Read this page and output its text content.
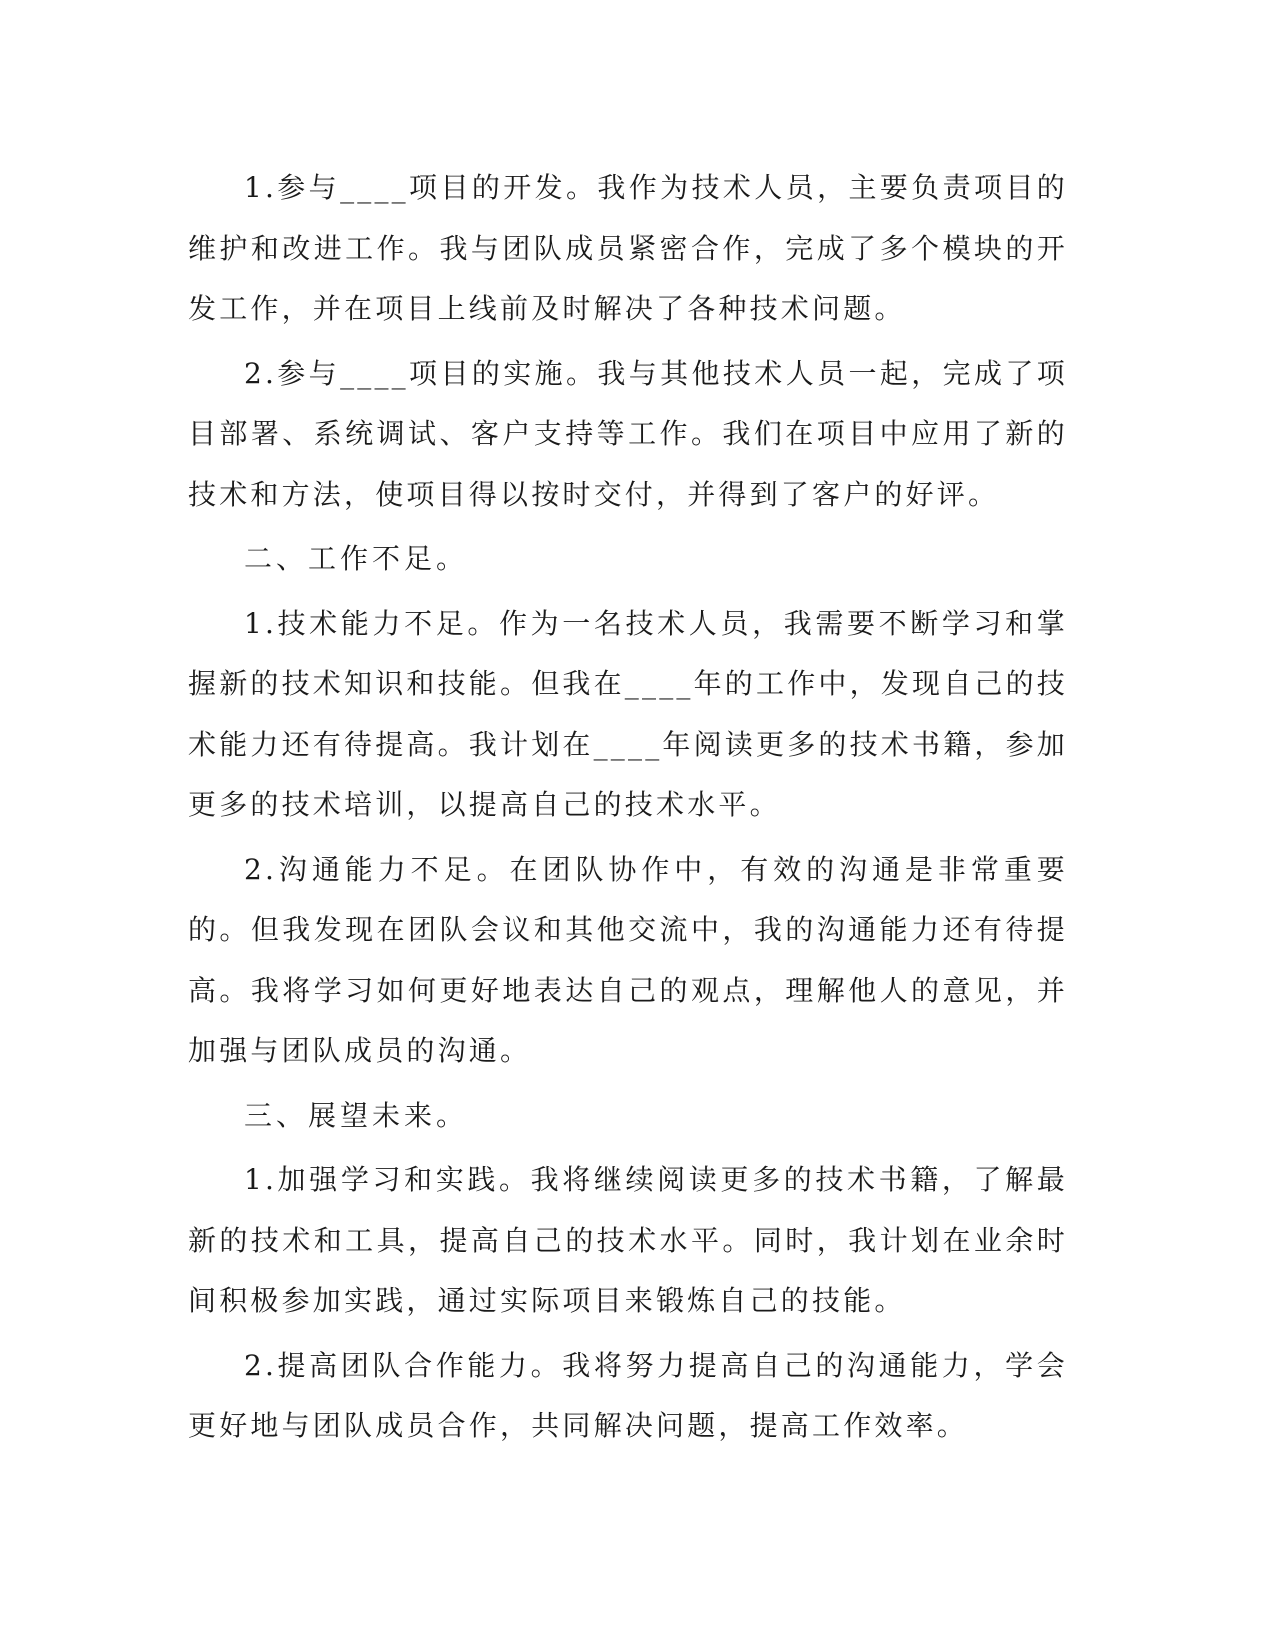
1.参与____项目的开发。我作为技术人员，主要负责项目的维护和改进工作。我与团队成员紧密合作，完成了多个模块的开发工作，并在项目上线前及时解决了各种技术问题。

2.参与____项目的实施。我与其他技术人员一起，完成了项目部署、系统调试、客户支持等工作。我们在项目中应用了新的技术和方法，使项目得以按时交付，并得到了客户的好评。

二、工作不足。

1.技术能力不足。作为一名技术人员，我需要不断学习和掌握新的技术知识和技能。但我在____年的工作中，发现自己的技术能力还有待提高。我计划在____年阅读更多的技术书籍，参加更多的技术培训，以提高自己的技术水平。

2.沟通能力不足。在团队协作中，有效的沟通是非常重要的。但我发现在团队会议和其他交流中，我的沟通能力还有待提高。我将学习如何更好地表达自己的观点，理解他人的意见，并加强与团队成员的沟通。

三、展望未来。

1.加强学习和实践。我将继续阅读更多的技术书籍，了解最新的技术和工具，提高自己的技术水平。同时，我计划在业余时间积极参加实践，通过实际项目来锻炼自己的技能。

2.提高团队合作能力。我将努力提高自己的沟通能力，学会更好地与团队成员合作，共同解决问题，提高工作效率。
